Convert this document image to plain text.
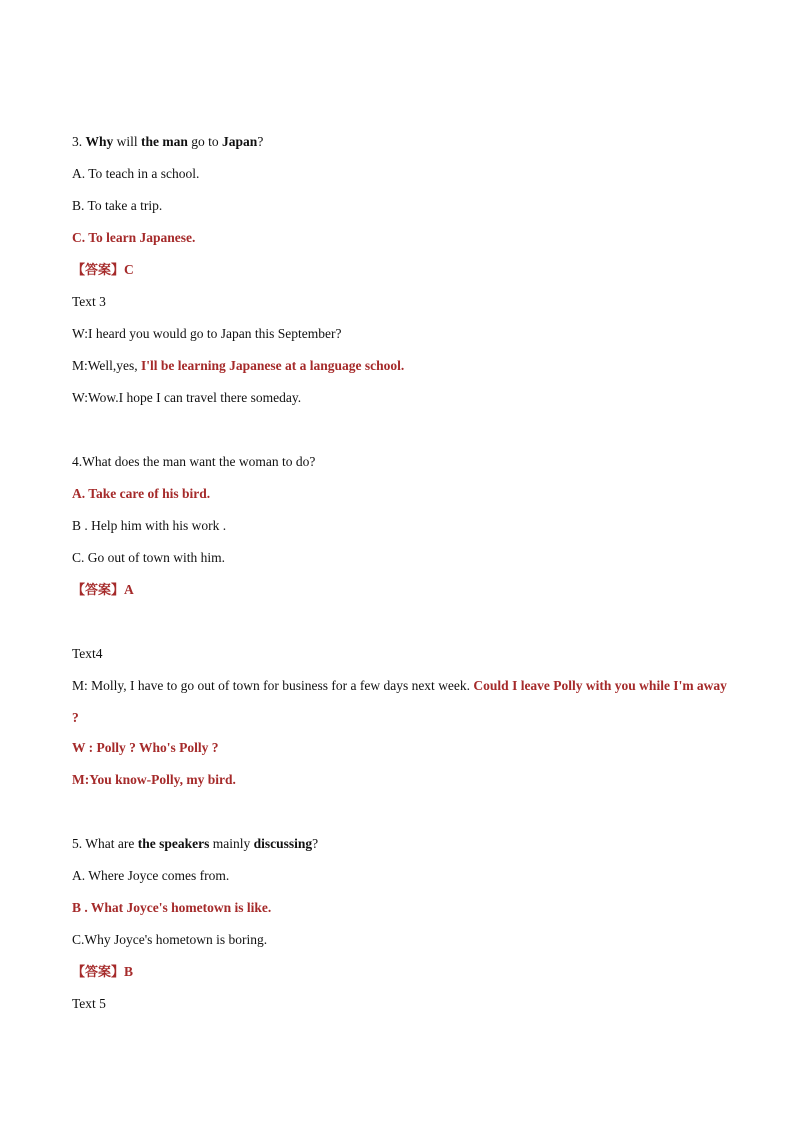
3. Why will the man go to Japan?
A. To teach in a school.
B. To take a trip.
C. To learn Japanese.
【答案】C
Text 3
W:I heard you would go to Japan this September?
M:Well,yes, I'll be learning Japanese at a language school.
W:Wow.I hope I can travel there someday.
4.What does the man want the woman to do?
A. Take care of his bird.
B . Help him with his work .
C. Go out of town with him.
【答案】A
Text4
M: Molly, I have to go out of town for business for a few days next week. Could I leave Polly with you while I'm away ?
W : Polly ? Who's Polly ?
M:You know-Polly, my bird.
5. What are the speakers mainly discussing?
A. Where Joyce comes from.
B . What Joyce's hometown is like.
C.Why Joyce's hometown is boring.
【答案】B
Text 5
